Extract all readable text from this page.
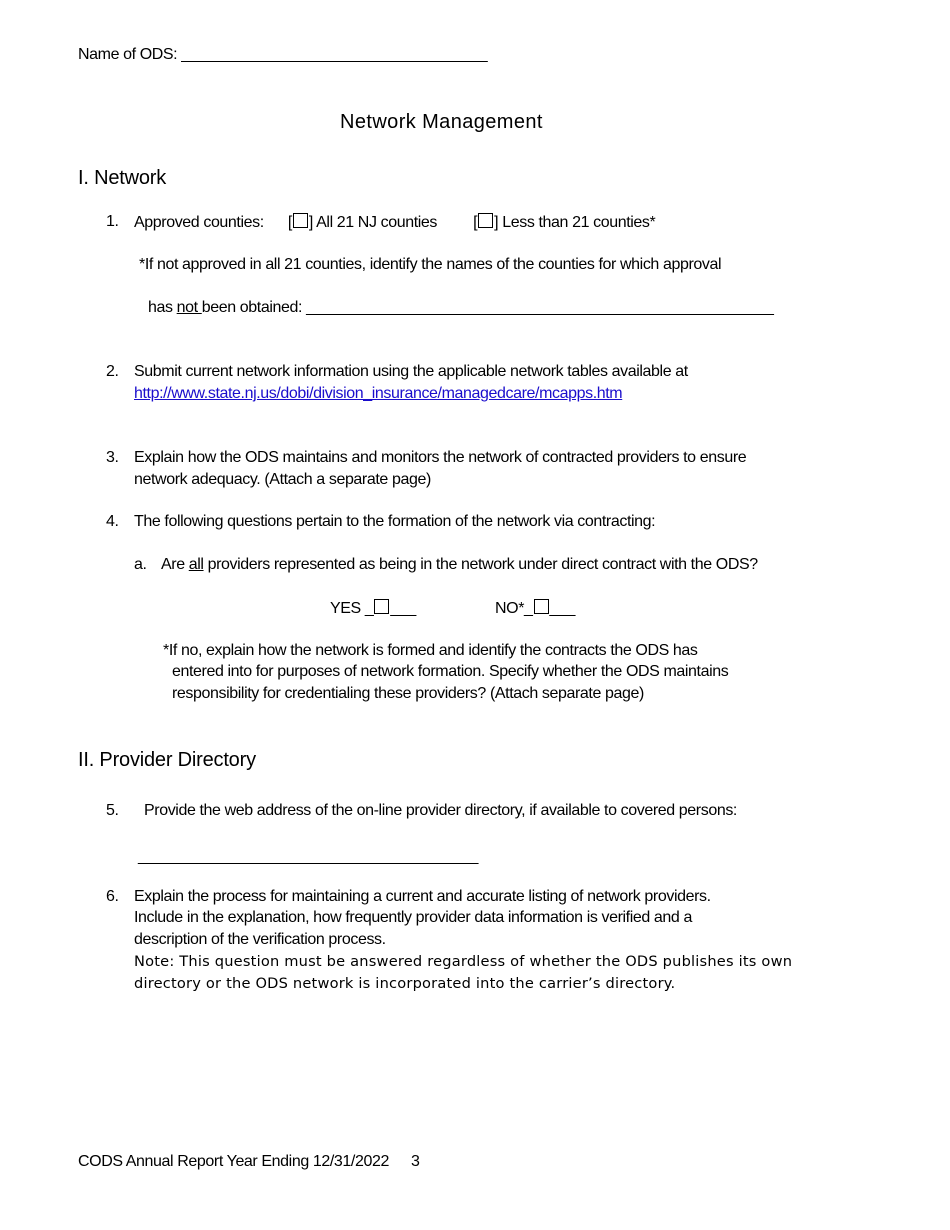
Name of ODS: ____________________________________
Network Management
I. Network
1. Approved counties: [ ] All 21 NJ counties [ ] Less than 21 counties*
*If not approved in all 21 counties, identify the names of the counties for which approval
has not been obtained: _______________________________________________________
2. Submit current network information using the applicable network tables available at
http://www.state.nj.us/dobi/division_insurance/managedcare/mcapps.htm
3. Explain how the ODS maintains and monitors the network of contracted providers to ensure
network adequacy. (Attach a separate page)
4. The following questions pertain to the formation of the network via contracting:
a. Are all providers represented as being in the network under direct contract with the ODS?
YES _ ___	NO*_ ___
*If no, explain how the network is formed and identify the contracts the ODS has
entered into for purposes of network formation. Specify whether the ODS maintains
responsibility for credentialing these providers? (Attach separate page)
II. Provider Directory
5. Provide the web address of the on-line provider directory, if available to covered persons:
________________________________________
6. Explain the process for maintaining a current and accurate listing of network providers.
Include in the explanation, how frequently provider data information is verified and a
description of the verification process.
Note: This question must be answered regardless of whether the ODS publishes its own
directory or the ODS network is incorporated into the carrier’s directory.
CODS Annual Report Year Ending 12/31/2022 3
